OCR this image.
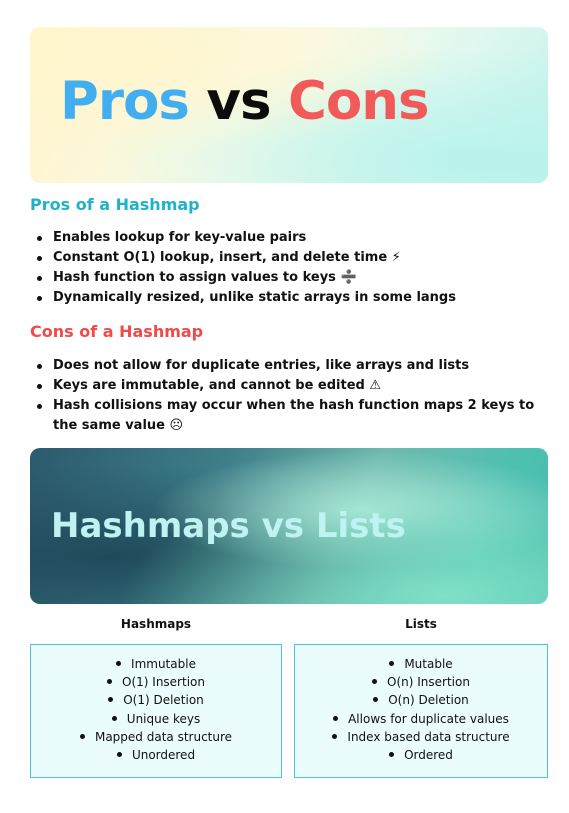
Pros vs Cons
Pros of a Hashmap
Enables lookup for key-value pairs
Constant O(1) lookup, insert, and delete time ⚡
Hash function to assign values to keys ➗
Dynamically resized, unlike static arrays in some langs
Cons of a Hashmap
Does not allow for duplicate entries, like arrays and lists
Keys are immutable, and cannot be edited ⚠
Hash collisions may occur when the hash function maps 2 keys to the same value ☹
Hashmaps vs Lists
Hashmaps	Lists
Immutable
O(1) Insertion
O(1) Deletion
Unique keys
Mapped data structure
Unordered
Mutable
O(n) Insertion
O(n) Deletion
Allows for duplicate values
Index based data structure
Ordered
